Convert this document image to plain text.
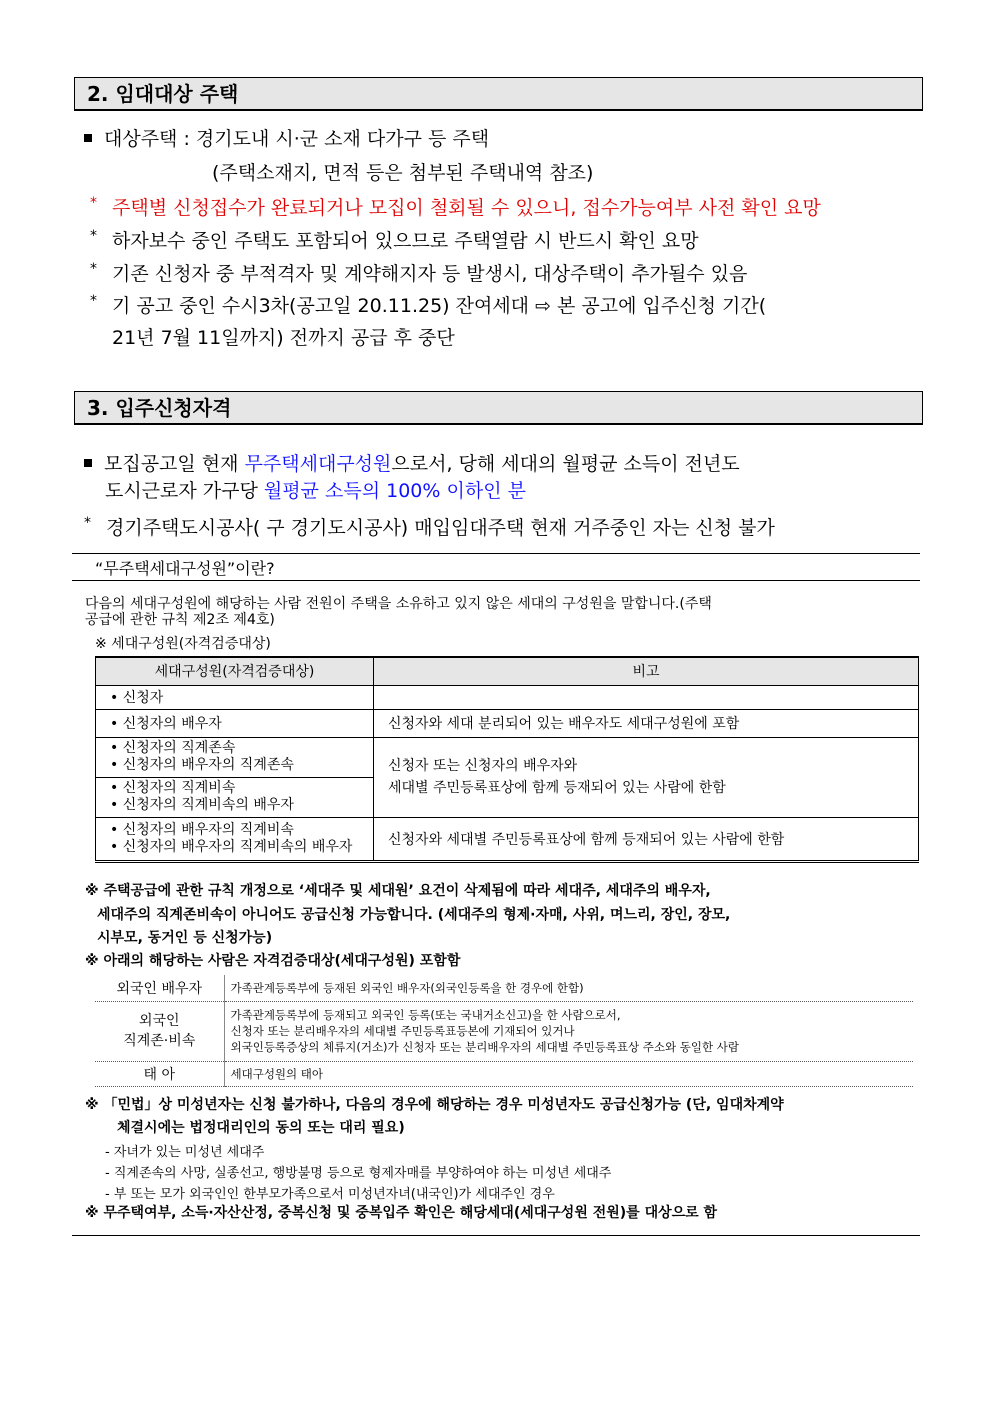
2. 임대대상 주택
대상주택 : 경기도내 시·군 소재 다가구 등 주택
(주택소재지, 면적 등은 첨부된 주택내역 참조)
* 주택별 신청접수가 완료되거나 모집이 철회될 수 있으니, 접수가능여부 사전 확인 요망
* 하자보수 중인 주택도 포함되어 있으므로 주택열람 시 반드시 확인 요망
* 기존 신청자 중 부적격자 및 계약해지자 등 발생시, 대상주택이 추가될수 있음
* 기 공고 중인 수시3차(공고일 20.11.25) 잔여세대 ⇨ 본 공고에 입주신청 기간(
21년 7월 11일까지) 전까지 공급 후 중단
3. 입주신청자격
모집공고일 현재 무주택세대구성원으로서, 당해 세대의 월평균 소득이 전년도
도시근로자 가구당 월평균 소득의 100% 이하인 분
* 경기주택도시공사( 구 경기도시공사) 매입임대주택 현재 거주중인 자는 신청 불가
“무주택세대구성원”이란?
다음의 세대구성원에 해당하는 사람 전원이 주택을 소유하고 있지 않은 세대의 구성원을 말합니다.(주택
공급에 관한 규칙 제2조 제4호)
※ 세대구성원(자격검증대상)
세대구성원(자격검증대상)	비고
• 신청자	
• 신청자의 배우자	신청자와 세대 분리되어 있는 배우자도 세대구성원에 포함

• 신청자의 직계존속
• 신청자의 배우자의 직계존속	신청자 또는 신청자의 배우자와
세대별 주민등록표상에 함께 등재되어 있는 사람에 한함

• 신청자의 직계비속
• 신청자의 직계비속의 배우자	

• 신청자의 배우자의 직계비속
• 신청자의 배우자의 직계비속의 배우자	신청자와 세대별 주민등록표상에 함께 등재되어 있는 사람에 한함
※ 주택공급에 관한 규칙 개정으로 ‘세대주 및 세대원’ 요건이 삭제됨에 따라 세대주, 세대주의 배우자,
세대주의 직계존비속이 아니어도 공급신청 가능합니다. (세대주의 형제·자매, 사위, 며느리, 장인, 장모,
시부모, 동거인 등 신청가능)
※ 아래의 해당하는 사람은 자격검증대상(세대구성원) 포함함
외국인 배우자	가족관계등록부에 등재된 외국인 배우자(외국인등록을 한 경우에 한함)

외국인
직계존·비속	가족관계등록부에 등재되고 외국인 등록(또는 국내거소신고)을 한 사람으로서,
신청자 또는 분리배우자의 세대별 주민등록표등본에 기재되어 있거나
외국인등록증상의 체류지(거소)가 신청자 또는 분리배우자의 세대별 주민등록표상 주소와 동일한 사람

태 아	세대구성원의 태아
※ 「민법」상 미성년자는 신청 불가하나, 다음의 경우에 해당하는 경우 미성년자도 공급신청가능 (단, 임대차계약
체결시에는 법정대리인의 동의 또는 대리 필요)
- 자녀가 있는 미성년 세대주
- 직계존속의 사망, 실종선고, 행방불명 등으로 형제자매를 부양하여야 하는 미성년 세대주
- 부 또는 모가 외국인인 한부모가족으로서 미성년자녀(내국인)가 세대주인 경우
※ 무주택여부, 소득·자산산정, 중복신청 및 중복입주 확인은 해당세대(세대구성원 전원)를 대상으로 함
